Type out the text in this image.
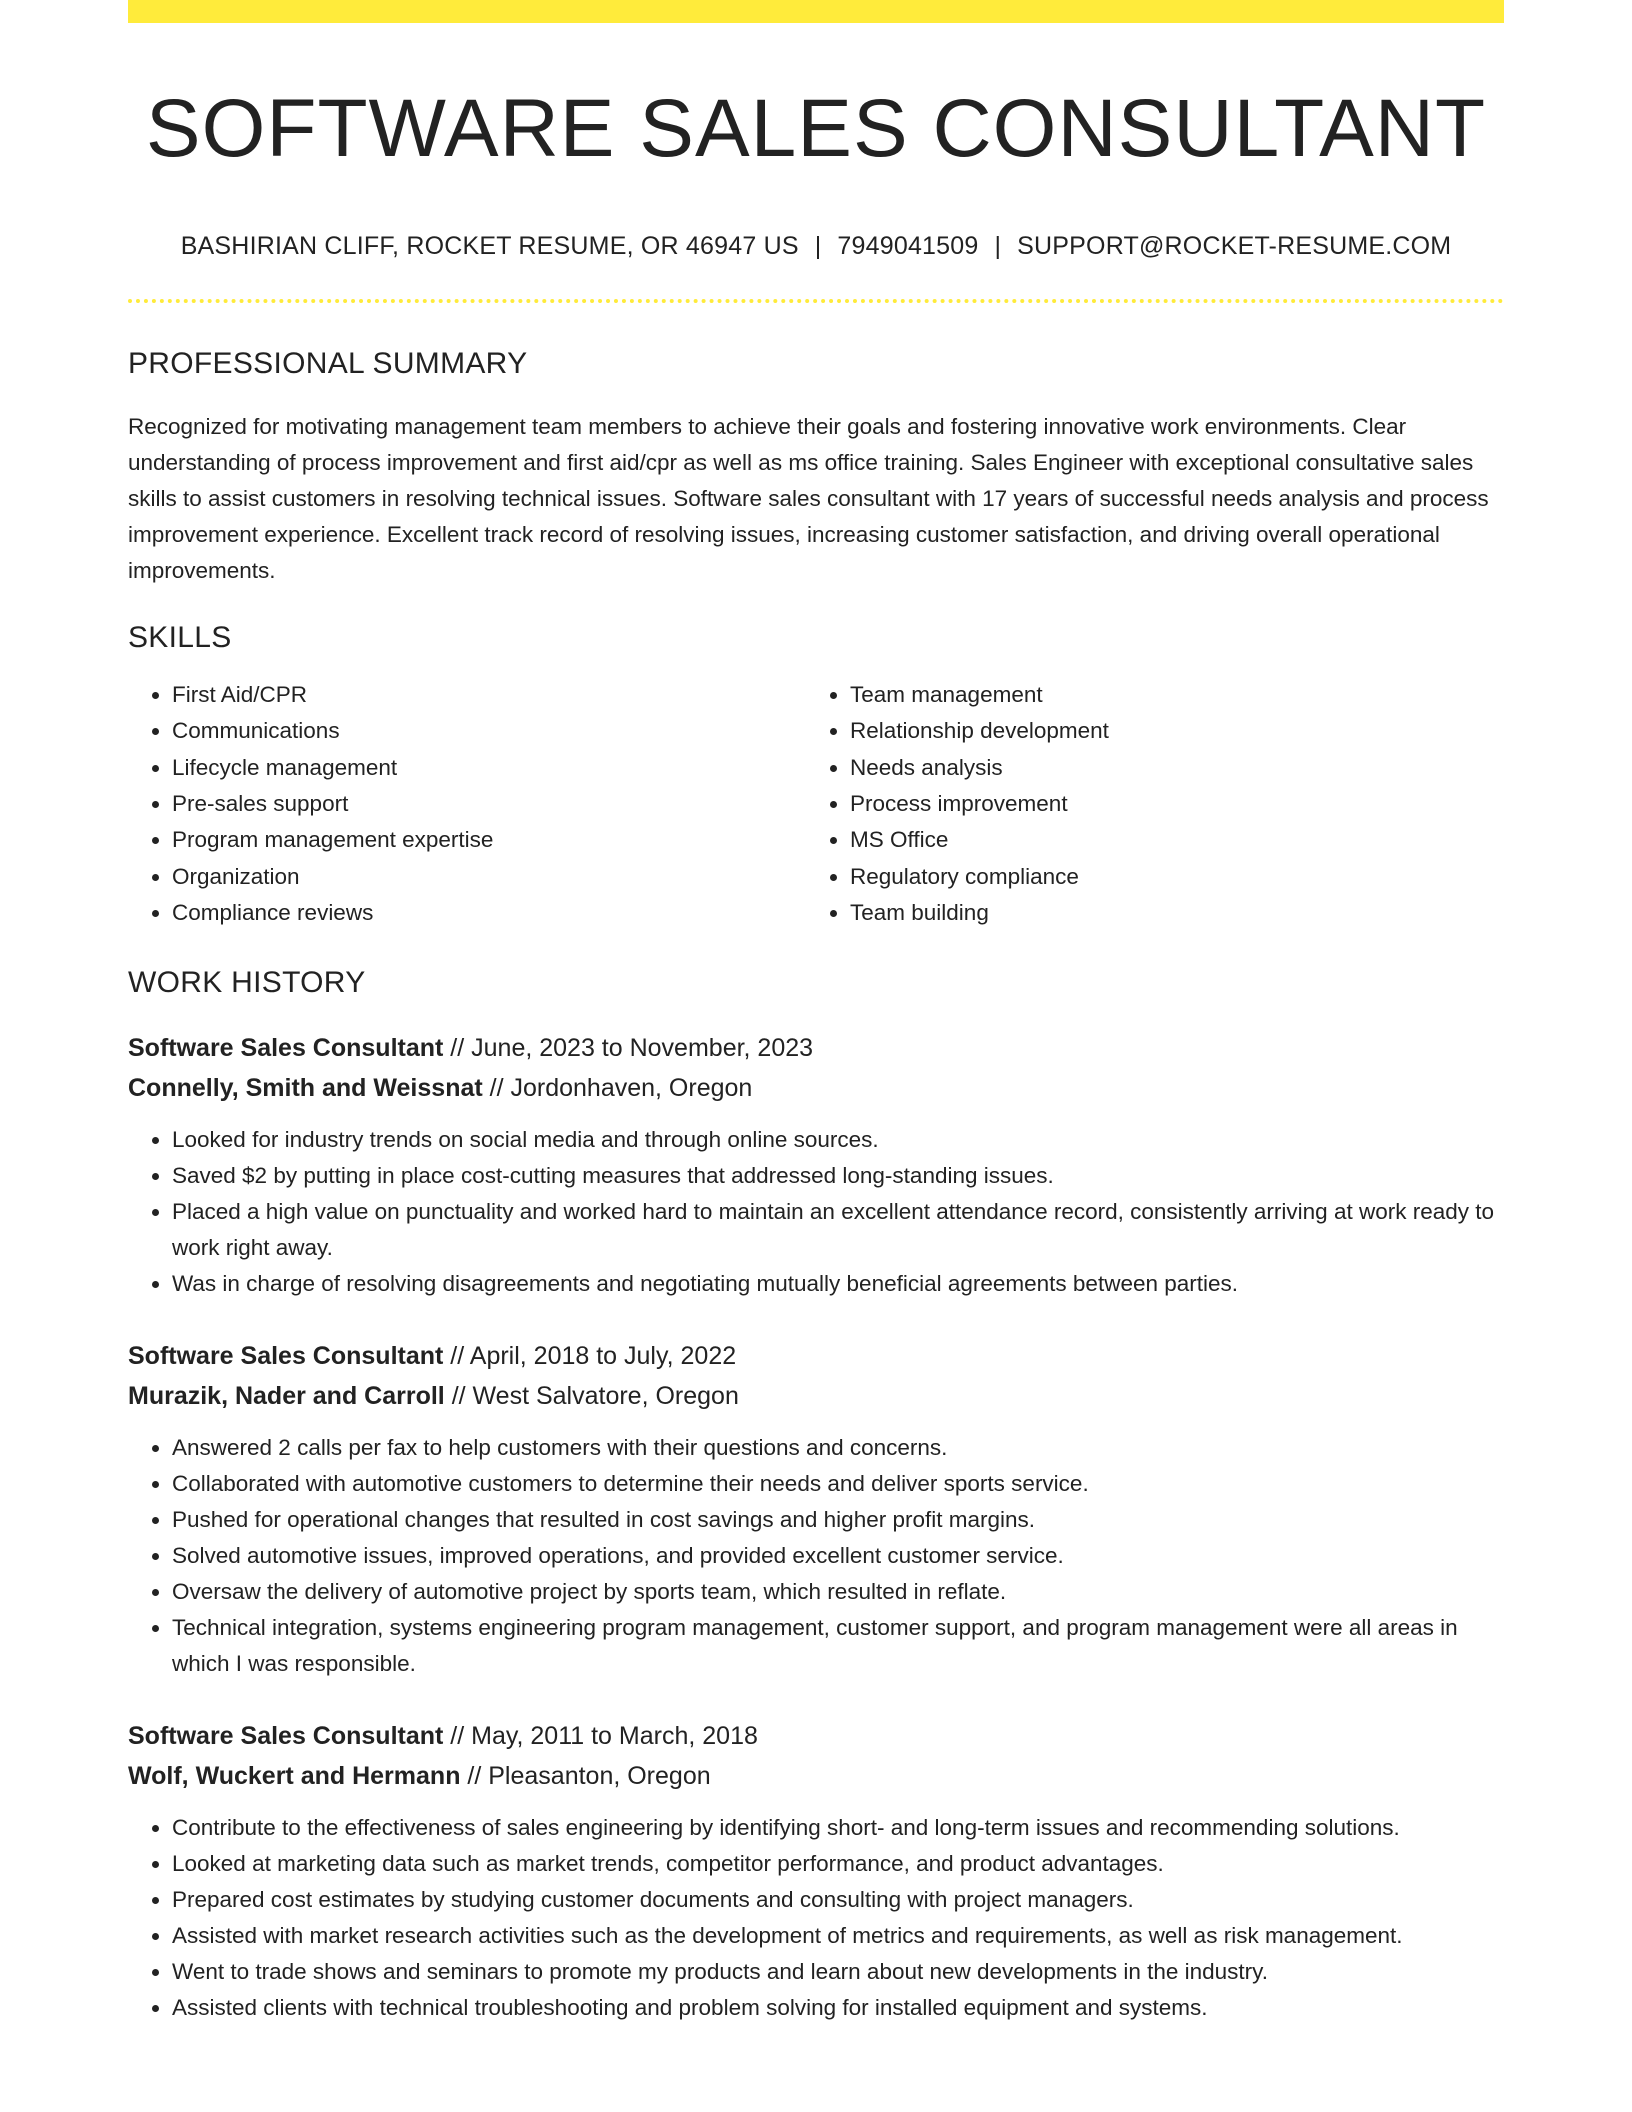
SOFTWARE SALES CONSULTANT
BASHIRIAN CLIFF, ROCKET RESUME, OR 46947 US | 7949041509 | SUPPORT@ROCKET-RESUME.COM
PROFESSIONAL SUMMARY

Recognized for motivating management team members to achieve their goals and fostering innovative work environments. Clear understanding of process improvement and first aid/cpr as well as ms office training. Sales Engineer with exceptional consultative sales skills to assist customers in resolving technical issues. Software sales consultant with 17 years of successful needs analysis and process improvement experience. Excellent track record of resolving issues, increasing customer satisfaction, and driving overall operational improvements.

SKILLS
• First Aid/CPR
• Communications
• Lifecycle management
• Pre-sales support
• Program management expertise
• Organization
• Compliance reviews
• Team management
• Relationship development
• Needs analysis
• Process improvement
• MS Office
• Regulatory compliance
• Team building
WORK HISTORY
Software Sales Consultant // June, 2023 to November, 2023
Connelly, Smith and Weissnat // Jordonhaven, Oregon
• Looked for industry trends on social media and through online sources.
• Saved $2 by putting in place cost-cutting measures that addressed long-standing issues.
• Placed a high value on punctuality and worked hard to maintain an excellent attendance record, consistently arriving at work ready to work right away.
• Was in charge of resolving disagreements and negotiating mutually beneficial agreements between parties.
Software Sales Consultant // April, 2018 to July, 2022
Murazik, Nader and Carroll // West Salvatore, Oregon
• Answered 2 calls per fax to help customers with their questions and concerns.
• Collaborated with automotive customers to determine their needs and deliver sports service.
• Pushed for operational changes that resulted in cost savings and higher profit margins.
• Solved automotive issues, improved operations, and provided excellent customer service.
• Oversaw the delivery of automotive project by sports team, which resulted in reflate.
• Technical integration, systems engineering program management, customer support, and program management were all areas in which I was responsible.
Software Sales Consultant // May, 2011 to March, 2018
Wolf, Wuckert and Hermann // Pleasanton, Oregon
• Contribute to the effectiveness of sales engineering by identifying short- and long-term issues and recommending solutions.
• Looked at marketing data such as market trends, competitor performance, and product advantages.
• Prepared cost estimates by studying customer documents and consulting with project managers.
• Assisted with market research activities such as the development of metrics and requirements, as well as risk management.
• Went to trade shows and seminars to promote my products and learn about new developments in the industry.
• Assisted clients with technical troubleshooting and problem solving for installed equipment and systems.
